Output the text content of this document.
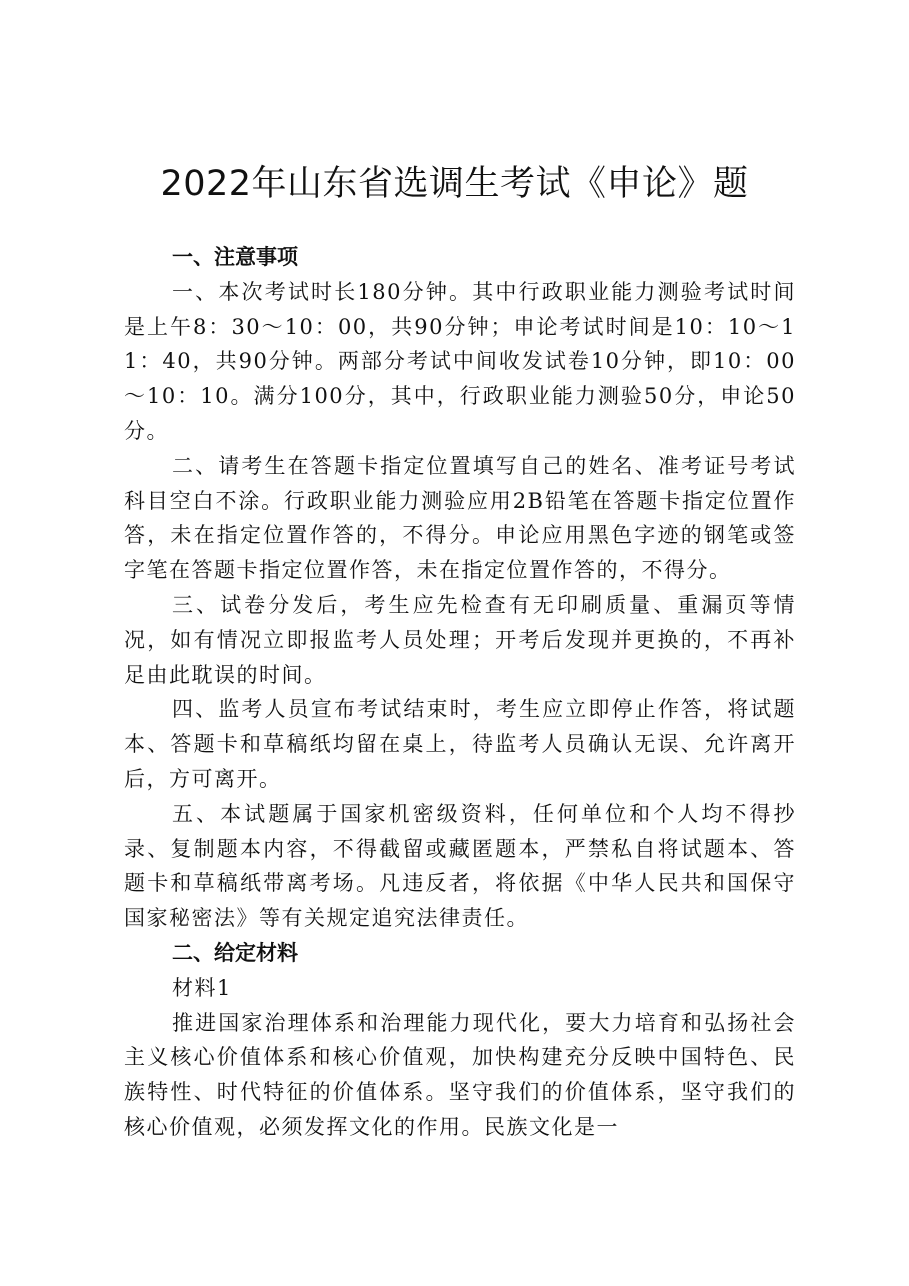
2022年山东省选调生考试《申论》题

一、注意事项

一、本次考试时长180分钟。其中行政职业能力测验考试时间是上午8：30～10：00，共90分钟；申论考试时间是10：10～11：40，共90分钟。两部分考试中间收发试卷10分钟，即10：00～10：10。满分100分，其中，行政职业能力测验50分，申论50分。

二、请考生在答题卡指定位置填写自己的姓名、准考证号考试科目空白不涂。行政职业能力测验应用2B铅笔在答题卡指定位置作答，未在指定位置作答的，不得分。申论应用黑色字迹的钢笔或签字笔在答题卡指定位置作答，未在指定位置作答的，不得分。

三、试卷分发后，考生应先检查有无印刷质量、重漏页等情况，如有情况立即报监考人员处理；开考后发现并更换的，不再补足由此耽误的时间。

四、监考人员宣布考试结束时，考生应立即停止作答，将试题本、答题卡和草稿纸均留在桌上，待监考人员确认无误、允许离开后，方可离开。

五、本试题属于国家机密级资料，任何单位和个人均不得抄录、复制题本内容，不得截留或藏匿题本，严禁私自将试题本、答题卡和草稿纸带离考场。凡违反者，将依据《中华人民共和国保守国家秘密法》等有关规定追究法律责任。

二、给定材料

材料1

推进国家治理体系和治理能力现代化，要大力培育和弘扬社会主义核心价值体系和核心价值观，加快构建充分反映中国特色、民族特性、时代特征的价值体系。坚守我们的价值体系，坚守我们的核心价值观，必须发挥文化的作用。民族文化是一
